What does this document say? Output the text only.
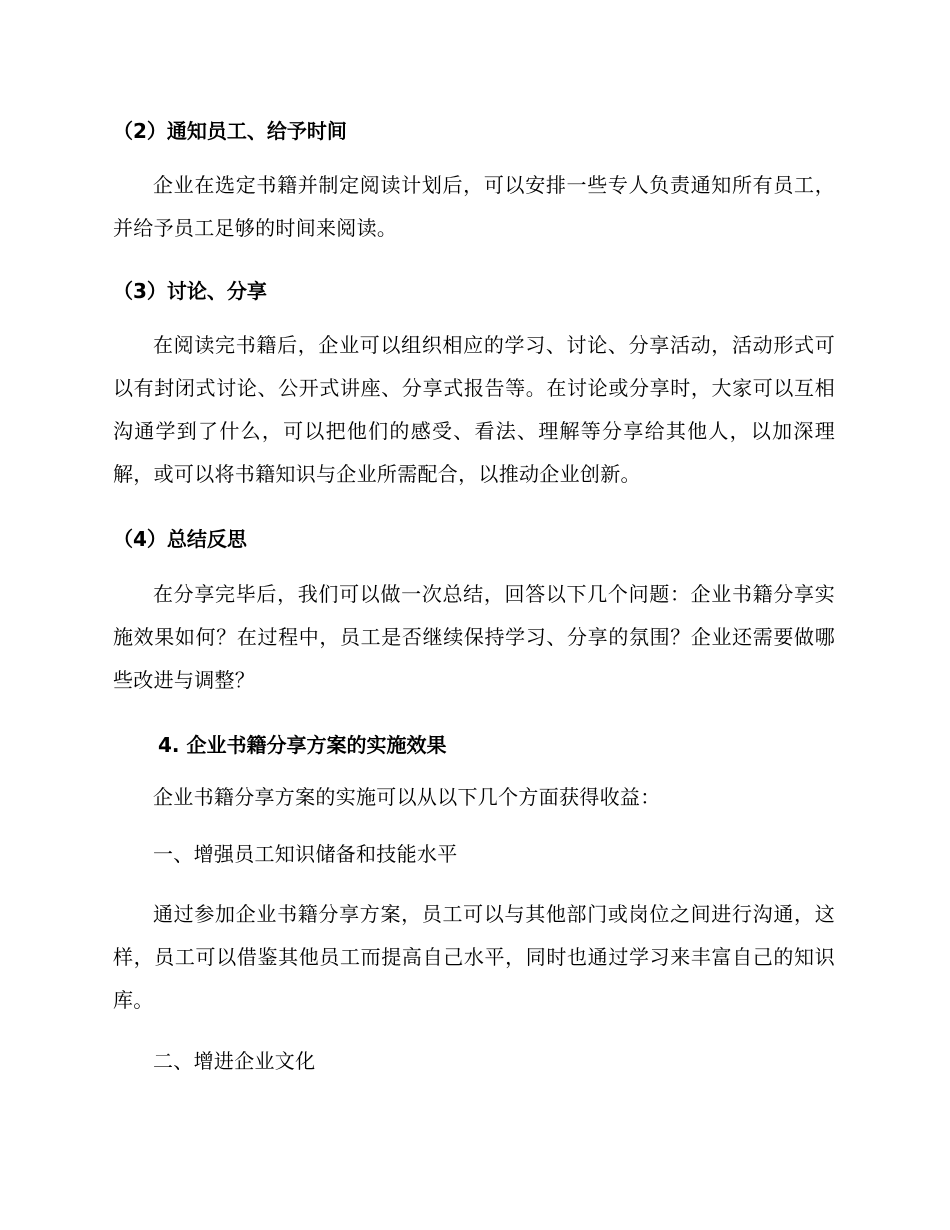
（2）通知员工、给予时间
企业在选定书籍并制定阅读计划后，可以安排一些专人负责通知所有员工，并给予员工足够的时间来阅读。
（3）讨论、分享
在阅读完书籍后，企业可以组织相应的学习、讨论、分享活动，活动形式可以有封闭式讨论、公开式讲座、分享式报告等。在讨论或分享时，大家可以互相沟通学到了什么，可以把他们的感受、看法、理解等分享给其他人，以加深理解，或可以将书籍知识与企业所需配合，以推动企业创新。
（4）总结反思
在分享完毕后，我们可以做一次总结，回答以下几个问题：企业书籍分享实施效果如何？在过程中，员工是否继续保持学习、分享的氛围？企业还需要做哪些改进与调整？
4. 企业书籍分享方案的实施效果
企业书籍分享方案的实施可以从以下几个方面获得收益：
一、增强员工知识储备和技能水平
通过参加企业书籍分享方案，员工可以与其他部门或岗位之间进行沟通，这样，员工可以借鉴其他员工而提高自己水平，同时也通过学习来丰富自己的知识库。
二、增进企业文化
